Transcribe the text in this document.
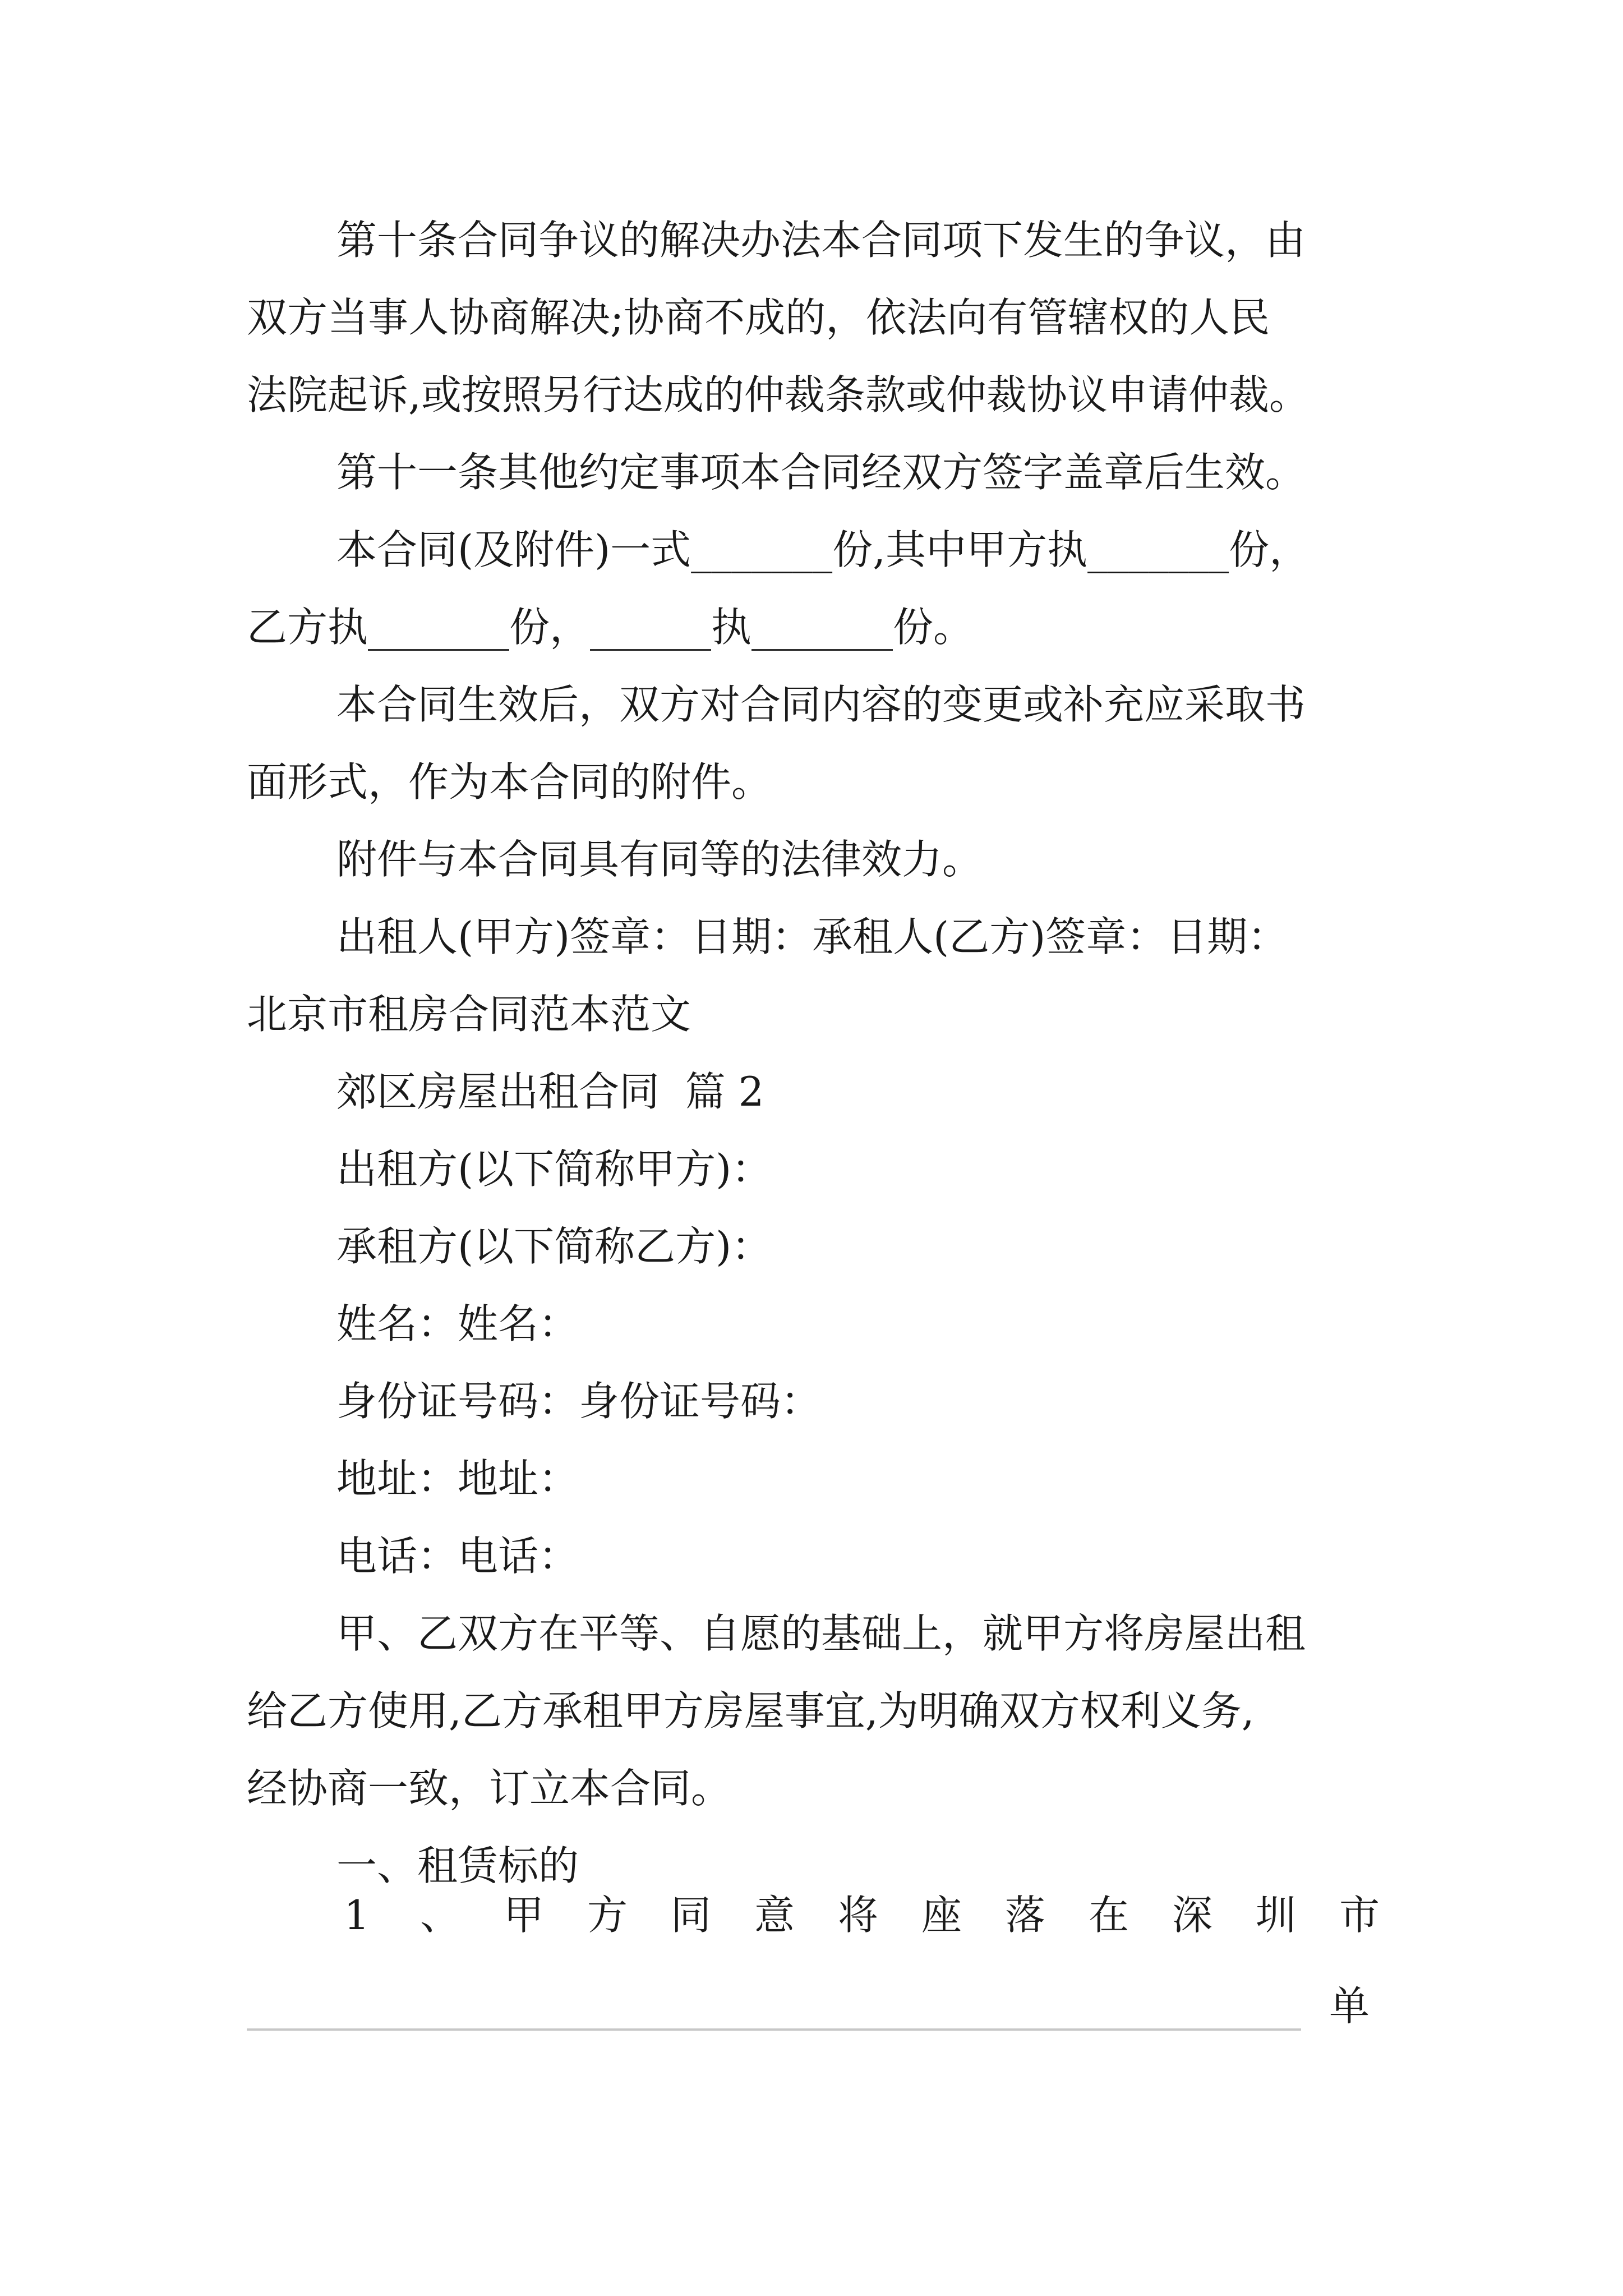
第十条合同争议的解决办法本合同项下发生的争议，由
双方当事人协商解决;协商不成的，依法向有管辖权的人民
法院起诉,或按照另行达成的仲裁条款或仲裁协议申请仲裁。
第十一条其他约定事项本合同经双方签字盖章后生效。
本合同(及附件)一式_______份,其中甲方执_______份，
乙方执_______份，______执_______份。
本合同生效后，双方对合同内容的变更或补充应采取书
面形式，作为本合同的附件。
附件与本合同具有同等的法律效力。
出租人(甲方)签章：日期：承租人(乙方)签章：日期：
北京市租房合同范本范文
郊区房屋出租合同  篇 2
出租方(以下简称甲方)：
承租方(以下简称乙方)：
姓名：姓名：
身份证号码：身份证号码：
地址：地址：
电话：电话：
甲、乙双方在平等、自愿的基础上，就甲方将房屋出租
给乙方使用,乙方承租甲方房屋事宜,为明确双方权利义务,
经协商一致，订立本合同。
一、租赁标的
1 、 甲 方 同 意 将 座 落 在 深 圳 市
单
